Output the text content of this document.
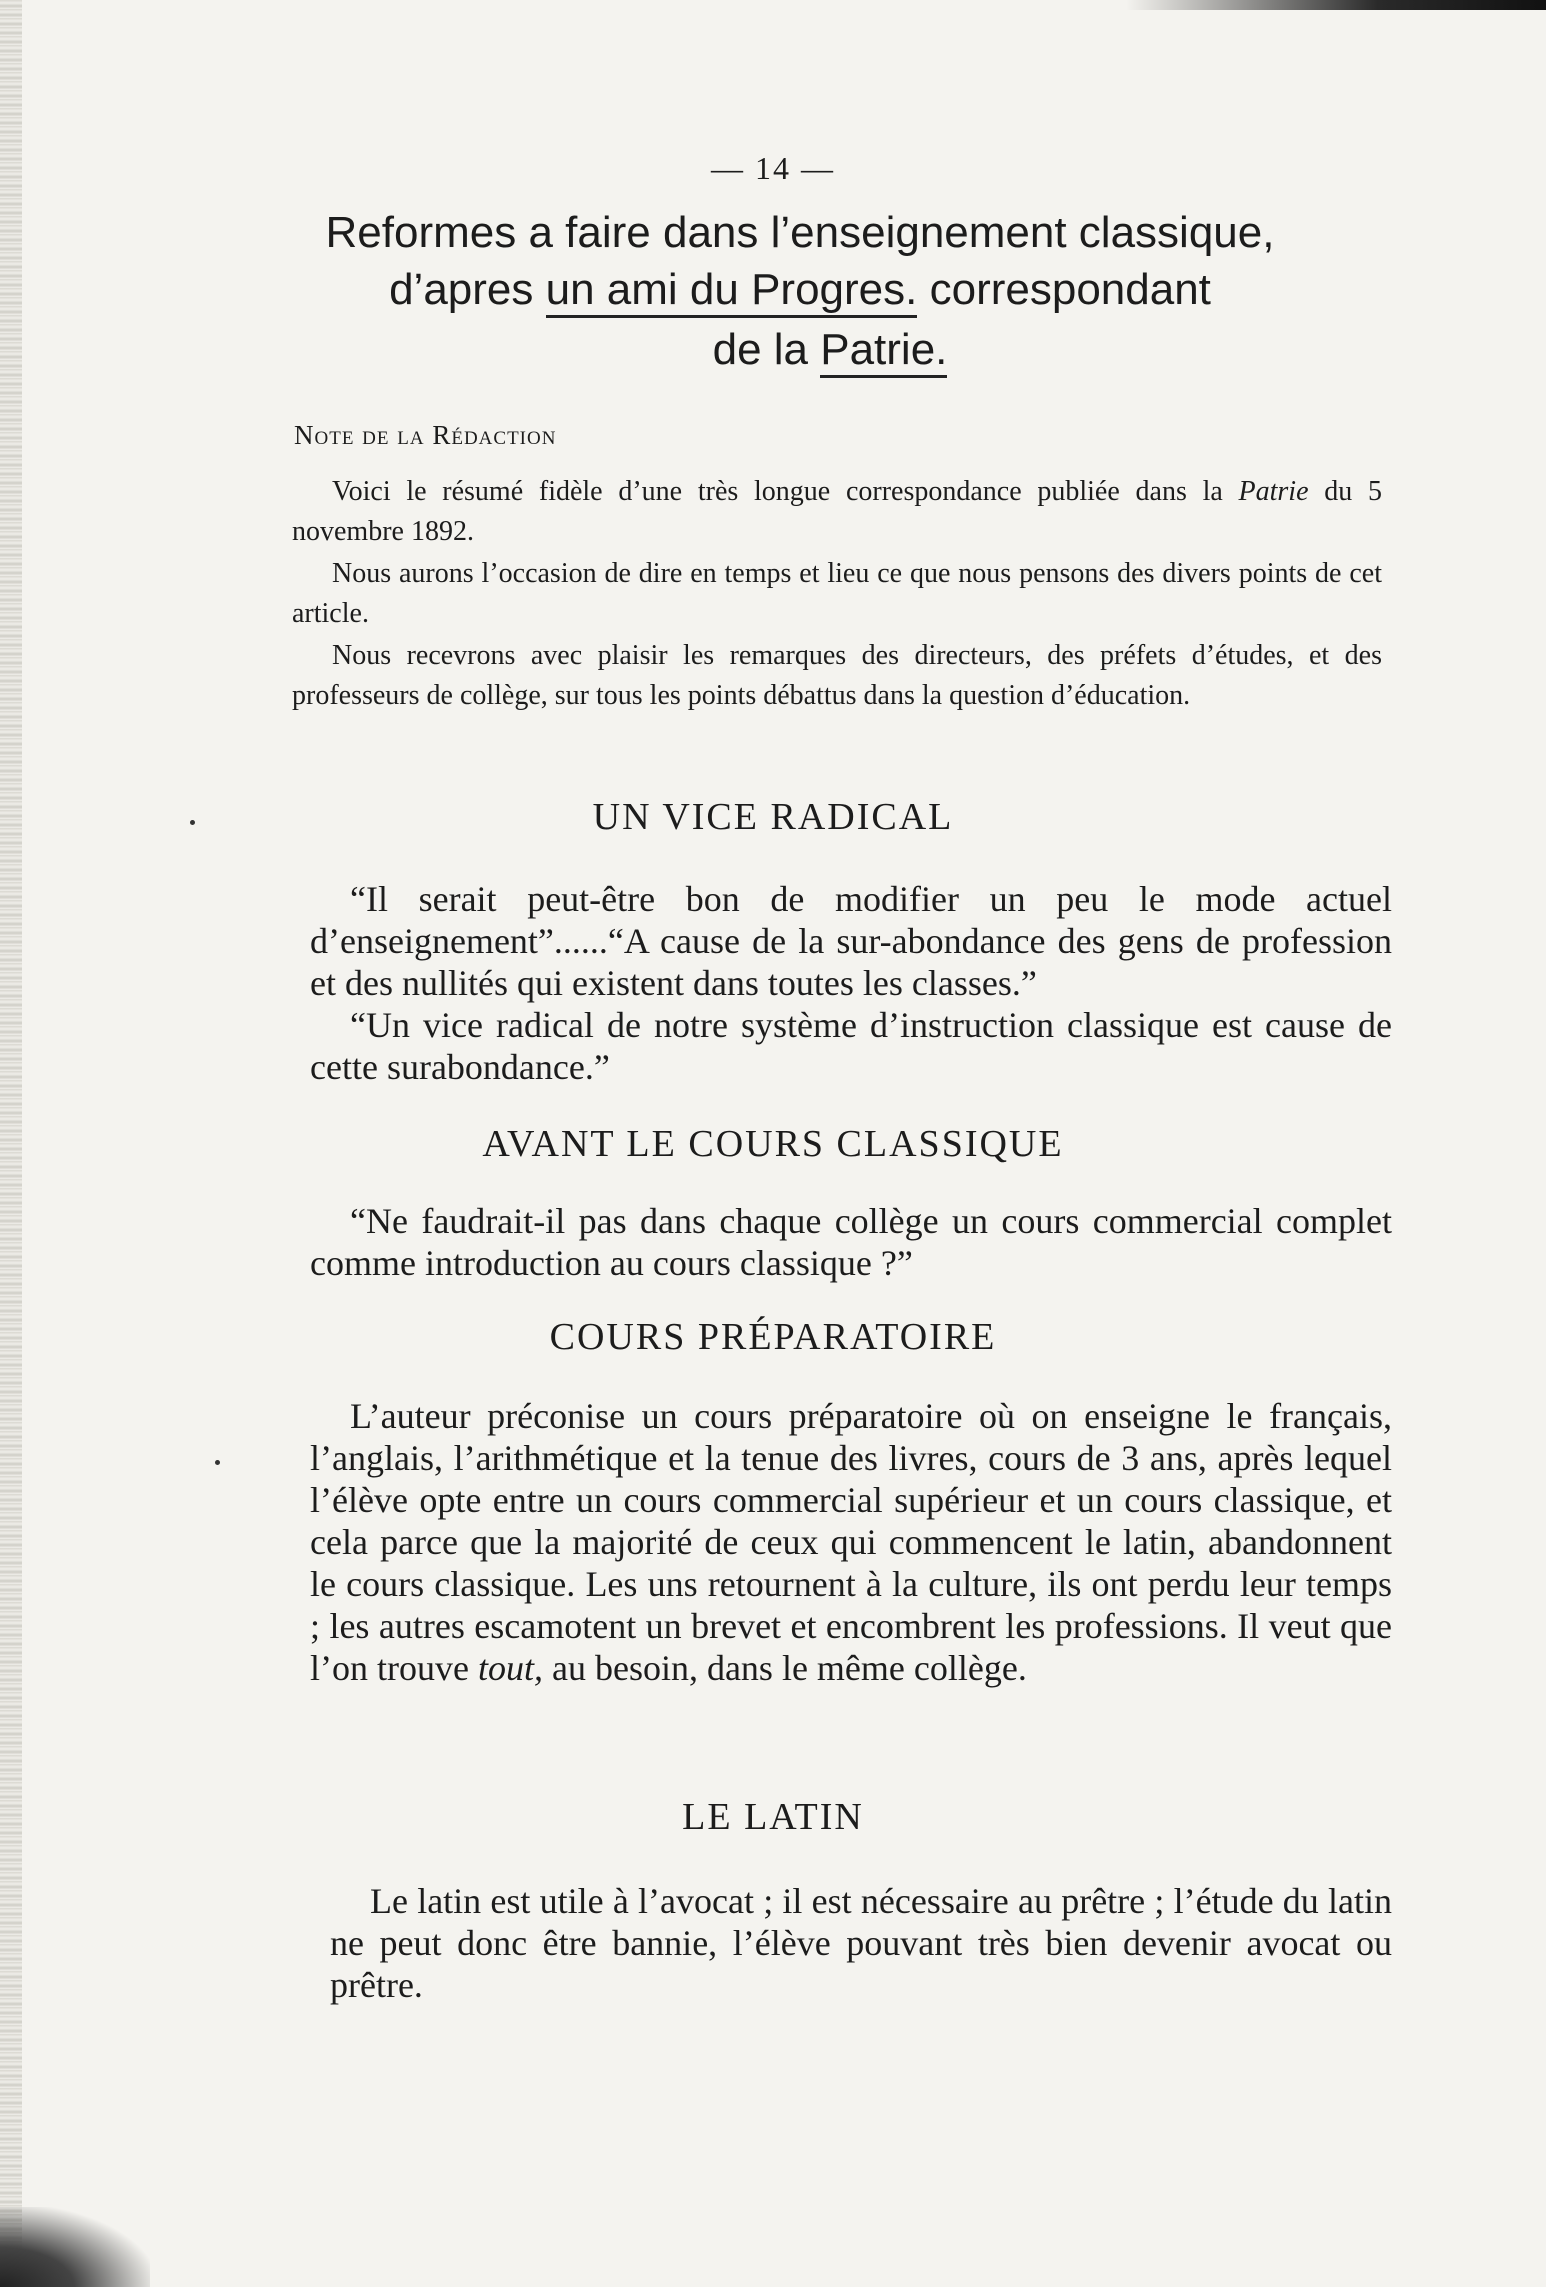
— 14 —
Reformes a faire dans l’enseignement classique,
d’apres un ami du Progres. correspondant
de la Patrie.
Note de la Rédaction

Voici le résumé fidèle d’une très longue correspondance publiée dans la Patrie du 5 novembre 1892.

Nous aurons l’occasion de dire en temps et lieu ce que nous pensons des divers points de cet article.

Nous recevrons avec plaisir les remarques des directeurs, des préfets d’études, et des professeurs de collège, sur tous les points débattus dans la question d’éducation.

UN VICE RADICAL

“Il serait peut-être bon de modifier un peu le mode actuel d’enseignement”......“A cause de la sur-abondance des gens de profession et des nullités qui existent dans toutes les classes.”

“Un vice radical de notre système d’instruction classique est cause de cette surabondance.”

AVANT LE COURS CLASSIQUE

“Ne faudrait-il pas dans chaque collège un cours commercial complet comme introduction au cours classique ?”

COURS PRÉPARATOIRE

L’auteur préconise un cours préparatoire où on enseigne le français, l’anglais, l’arithmétique et la tenue des livres, cours de 3 ans, après lequel l’élève opte entre un cours commercial supérieur et un cours classique, et cela parce que la majorité de ceux qui commencent le latin, abandonnent le cours classique. Les uns retournent à la culture, ils ont perdu leur temps ; les autres escamotent un brevet et encombrent les professions. Il veut que l’on trouve tout, au besoin, dans le même collège.

LE LATIN

Le latin est utile à l’avocat ; il est nécessaire au prêtre ; l’étude du latin ne peut donc être bannie, l’élève pouvant très bien devenir avocat ou prêtre.
